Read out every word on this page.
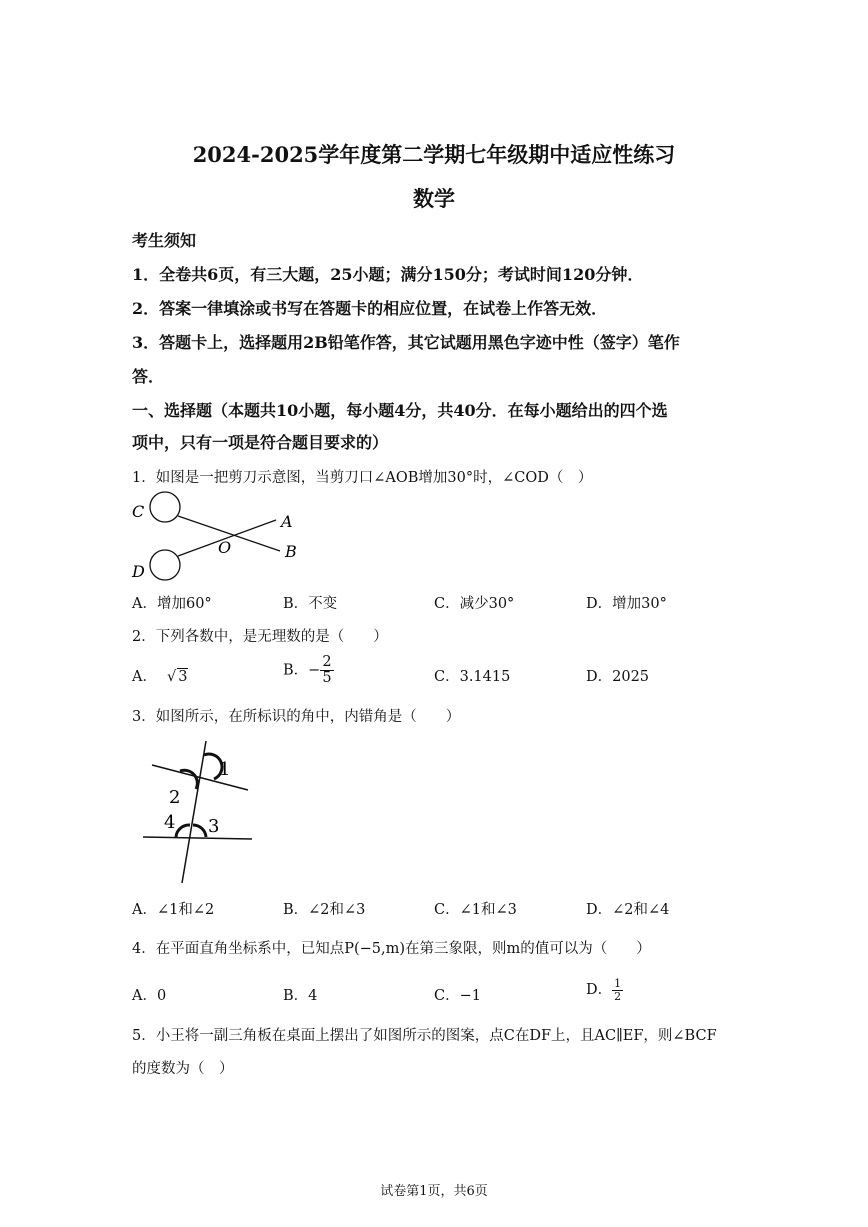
2024-2025学年度第二学期七年级期中适应性练习
数学
考生须知
1．全卷共6页，有三大题，25小题；满分150分；考试时间120分钟．
2．答案一律填涂或书写在答题卡的相应位置，在试卷上作答无效．
3．答题卡上，选择题用2B铅笔作答，其它试题用黑色字迹中性（签字）笔作
答．
一、选择题（本题共10小题，每小题4分，共40分．在每小题给出的四个选
项中，只有一项是符合题目要求的）
1．如图是一把剪刀示意图，当剪刀口∠AOB增加30°时，∠COD（　）
C
D
A
B
O
A．增加60°	B．不变	C．减少30°	D．增加30°
2．下列各数中，是无理数的是（　　）
A． √ 3	B．− $\frac{2}{5}$	C．3.1415	D．2025
3．如图所示，在所标识的角中，内错角是（　　）
1
2
3
4
A．∠1和∠2	B．∠2和∠3	C．∠1和∠3	D．∠2和∠4
4．在平面直角坐标系中，已知点P(−5,m)在第三象限，则m的值可以为（　　）
A．0	B．4	C．−1	D． $\frac{1}{2}$
5．小王将一副三角板在桌面上摆出了如图所示的图案，点C在DF上，且AC∥EF，则∠BCF
的度数为（　）
试卷第1页，共6页
